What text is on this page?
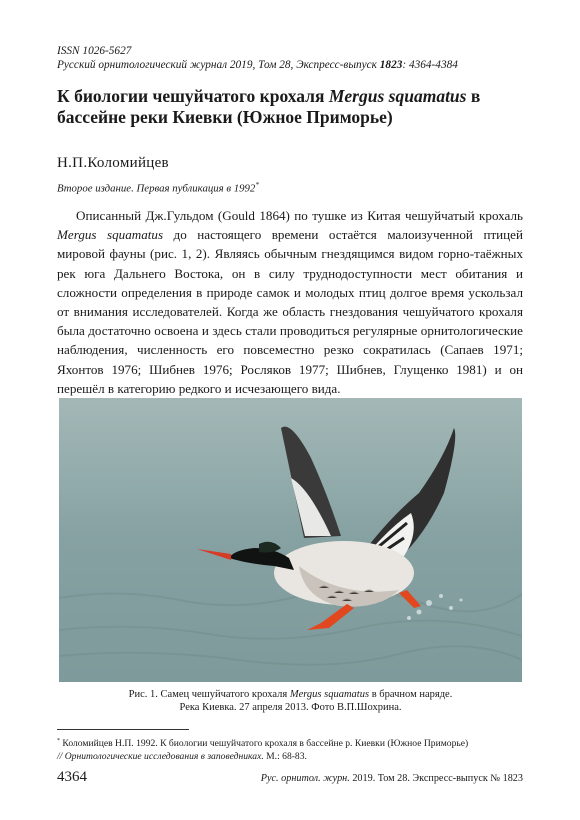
ISSN 1026-5627
Русский орнитологический журнал 2019, Том 28, Экспресс-выпуск 1823: 4364-4384
К биологии чешуйчатого крохаля Mergus squamatus в бассейне реки Киевки (Южное Приморье)
Н.П.Коломийцев
Второе издание. Первая публикация в 1992*

Описанный Дж.Гульдом (Gould 1864) по тушке из Китая чешуйчатый крохаль Mergus squamatus до настоящего времени остаётся малоизученной птицей мировой фауны (рис. 1, 2). Являясь обычным гнездящимся видом горно-таёжных рек юга Дальнего Востока, он в силу труднодоступности мест обитания и сложности определения в природе самок и молодых птиц долгое время ускользал от внимания исследователей. Когда же область гнездования чешуйчатого крохаля была достаточно освоена и здесь стали проводиться регулярные орнитологические наблюдения, численность его повсеместно резко сократилась (Сапаев 1971; Яхонтов 1976; Шибнев 1976; Росляков 1977; Шибнев, Глущенко 1981) и он перешёл в категорию редкого и исчезающего вида.

Рис. 1. Самец чешуйчатого крохаля Mergus squamatus в брачном наряде.
Река Киевка. 27 апреля 2013. Фото В.П.Шохрина.
* Коломийцев Н.П. 1992. К биологии чешуйчатого крохаля в бассейне р. Киевки (Южное Приморье)
// Орнитологические исследования в заповедниках. М.: 68-83.
4364	Рус. орнитол. журн. 2019. Том 28. Экспресс-выпуск № 1823
